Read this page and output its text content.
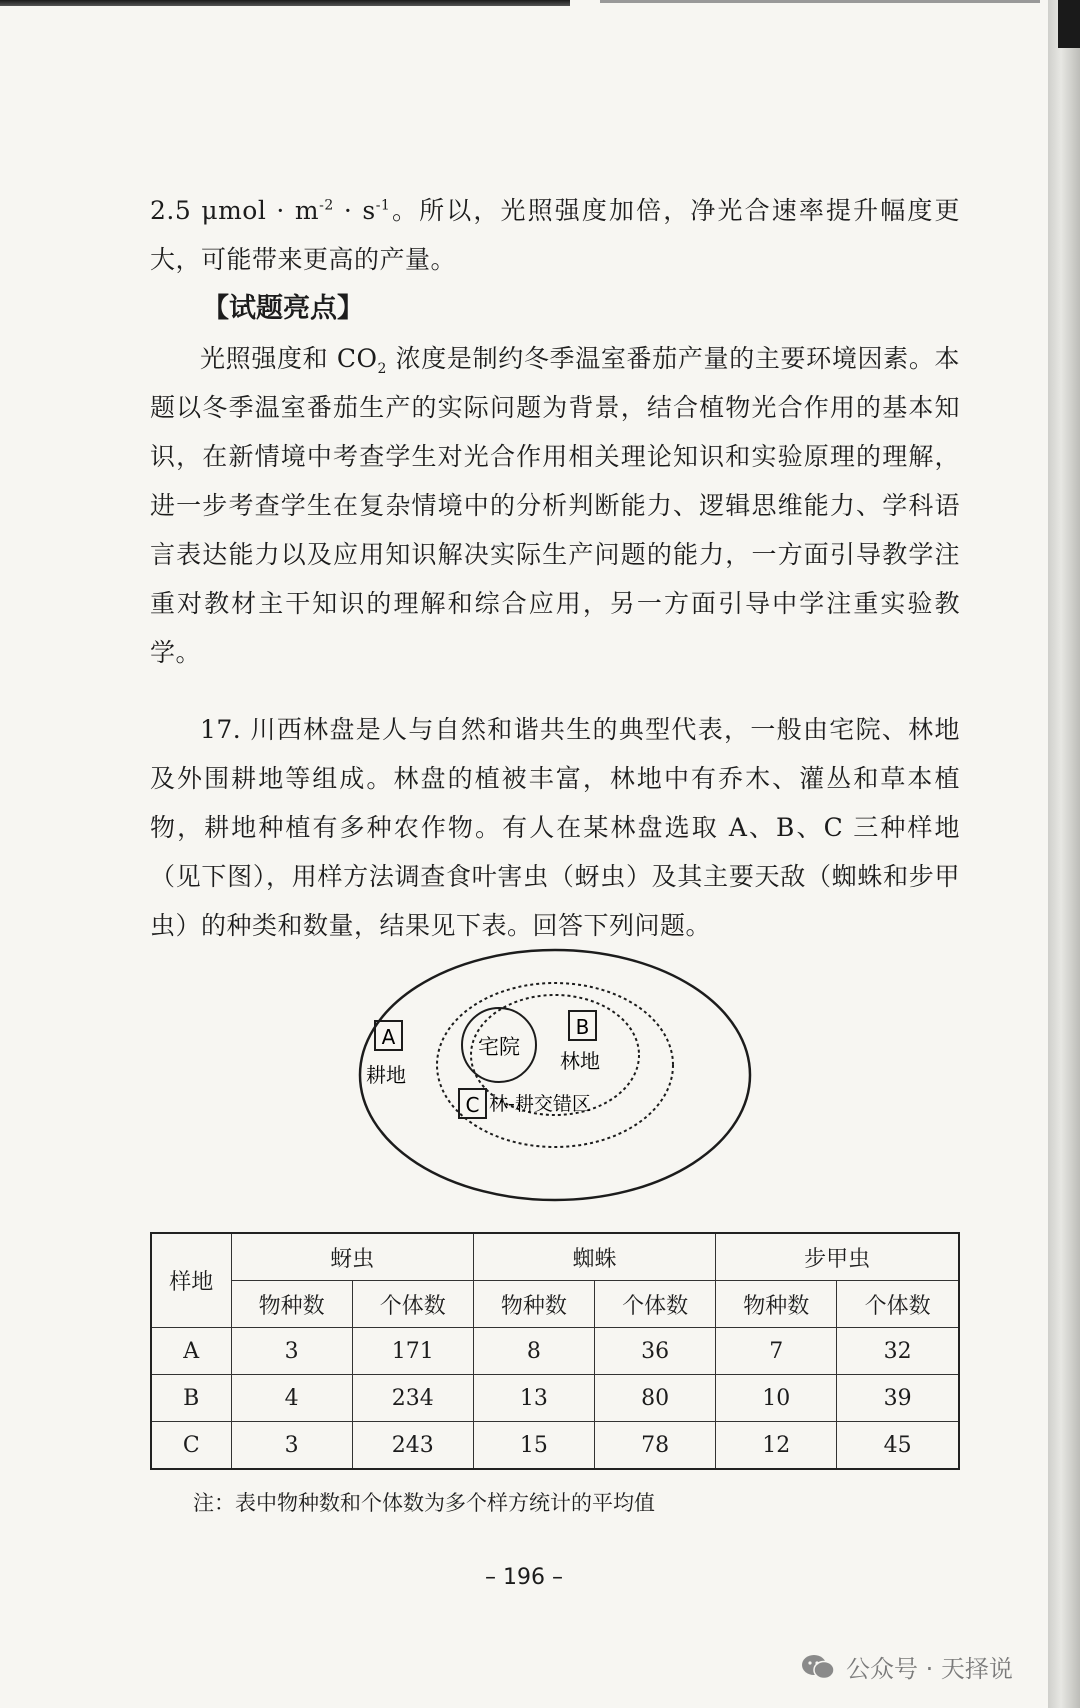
2.5 $\mu mol \cdot m^{-2} \cdot s^{-1}$。所以，光照强度加倍，净光合速率提升幅度更大，可能带来更高的产量。

【试题亮点】

光照强度和 $CO_2$ 浓度是制约冬季温室番茄产量的主要环境因素。本题以冬季温室番茄生产的实际问题为背景，结合植物光合作用的基本知识，在新情境中考查学生对光合作用相关理论知识和实验原理的理解，进一步考查学生在复杂情境中的分析判断能力、逻辑思维能力、学科语言表达能力以及应用知识解决实际生产问题的能力，一方面引导教学注重对教材主干知识的理解和综合应用，另一方面引导中学注重实验教学。

17. 川西林盘是人与自然和谐共生的典型代表，一般由宅院、林地及外围耕地等组成。林盘的植被丰富，林地中有乔木、灌丛和草本植物，耕地种植有多种农作物。有人在某林盘选取 A、B、C 三种样地（见下图），用样方法调查食叶害虫（蚜虫）及其主要天敌（蜘蛛和步甲虫）的种类和数量，结果见下表。回答下列问题。

宅院
A
耕地
B
林地
C 林-耕交错区
样地	蚜虫		蜘蛛		步甲虫	
	物种数	个体数	物种数	个体数	物种数	个体数
A	3	171	8	36	7	32
B	4	234	13	80	10	39
C	3	243	15	78	12	45
注：表中物种数和个体数为多个样方统计的平均值
– 196 –
公众号 · 天择说
